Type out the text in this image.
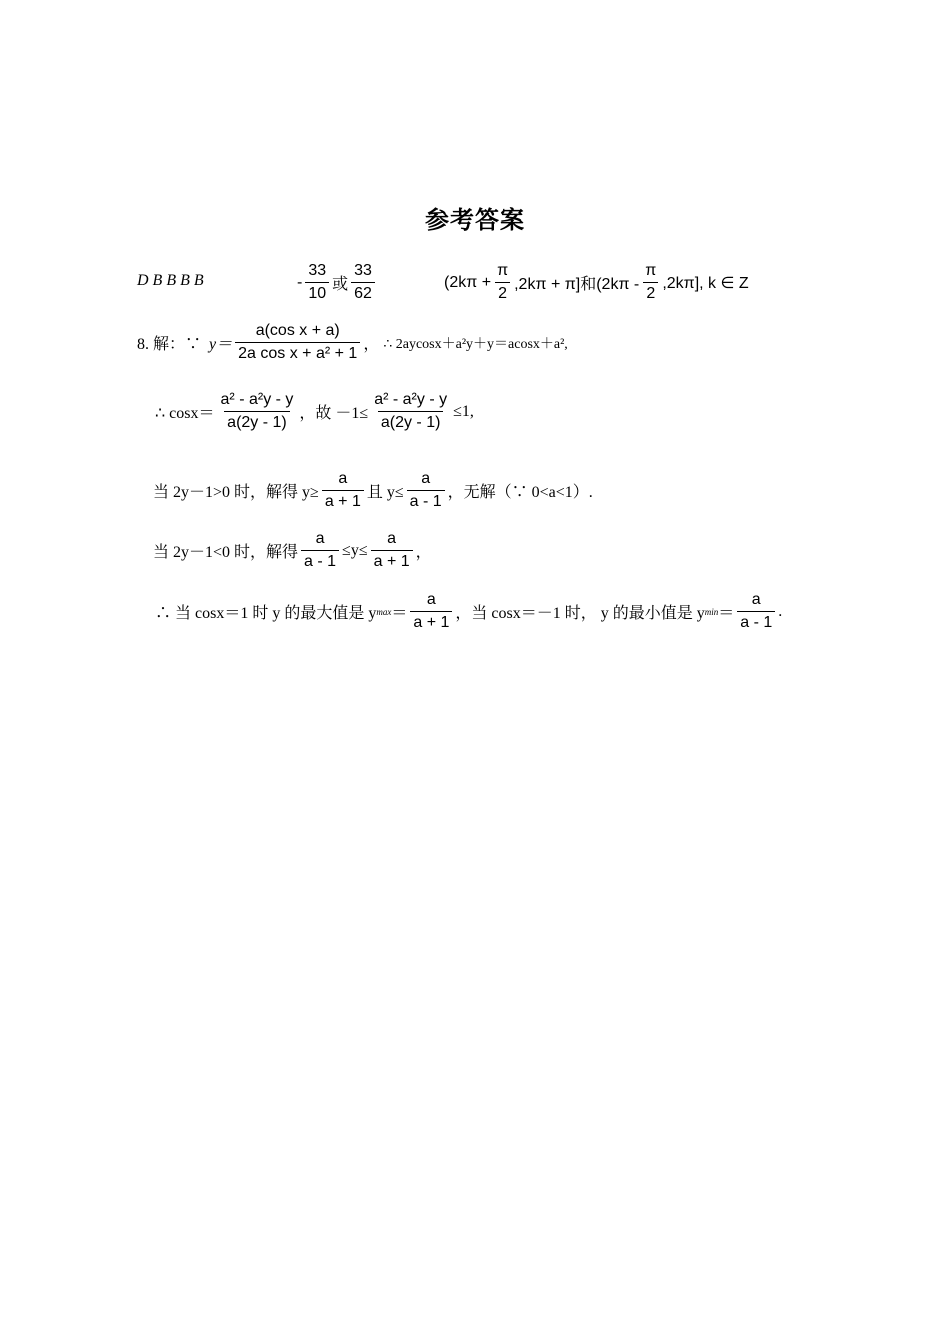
参考答案
D B B B B	- $\frac{33}{10}$ 或 $\frac{33}{62}$	$(2k\pi + \frac{\pi}{2} ,2k\pi + \pi]$和$(2k\pi - \frac{\pi}{2} ,2k\pi]$, k ∈ Z
8. 解：∵ $y= \frac{\text{a(cos x + a)}}{\text{2a cos x + a² + 1}}$ ， ∴ 2aycosx＋a²y＋y＝acosx＋a²,
∴ $\cos x= \frac{\text{a² - a²y - y}}{a(2y - 1)}$ ，故 $-1\le \frac{\text{a² - a²y - y}}{a(2y - 1)} \le 1$,
当 2y－1>0 时，解得 $y\ge \frac{a}{a + 1}$ 且 $y\le \frac{a}{a - 1}$ ，无解（∵ 0<a<1）.
当 2y－1<0 时，解得 $\frac{a}{a - 1} \le y\le \frac{a}{a + 1}$ ，
∴ 当 cosx＝1 时 y 的最大值是 y $\max = \frac{a}{a + 1}$ ，当 cosx＝－1 时， y 的最小值是 y $\min = \frac{a}{a - 1}$ .
